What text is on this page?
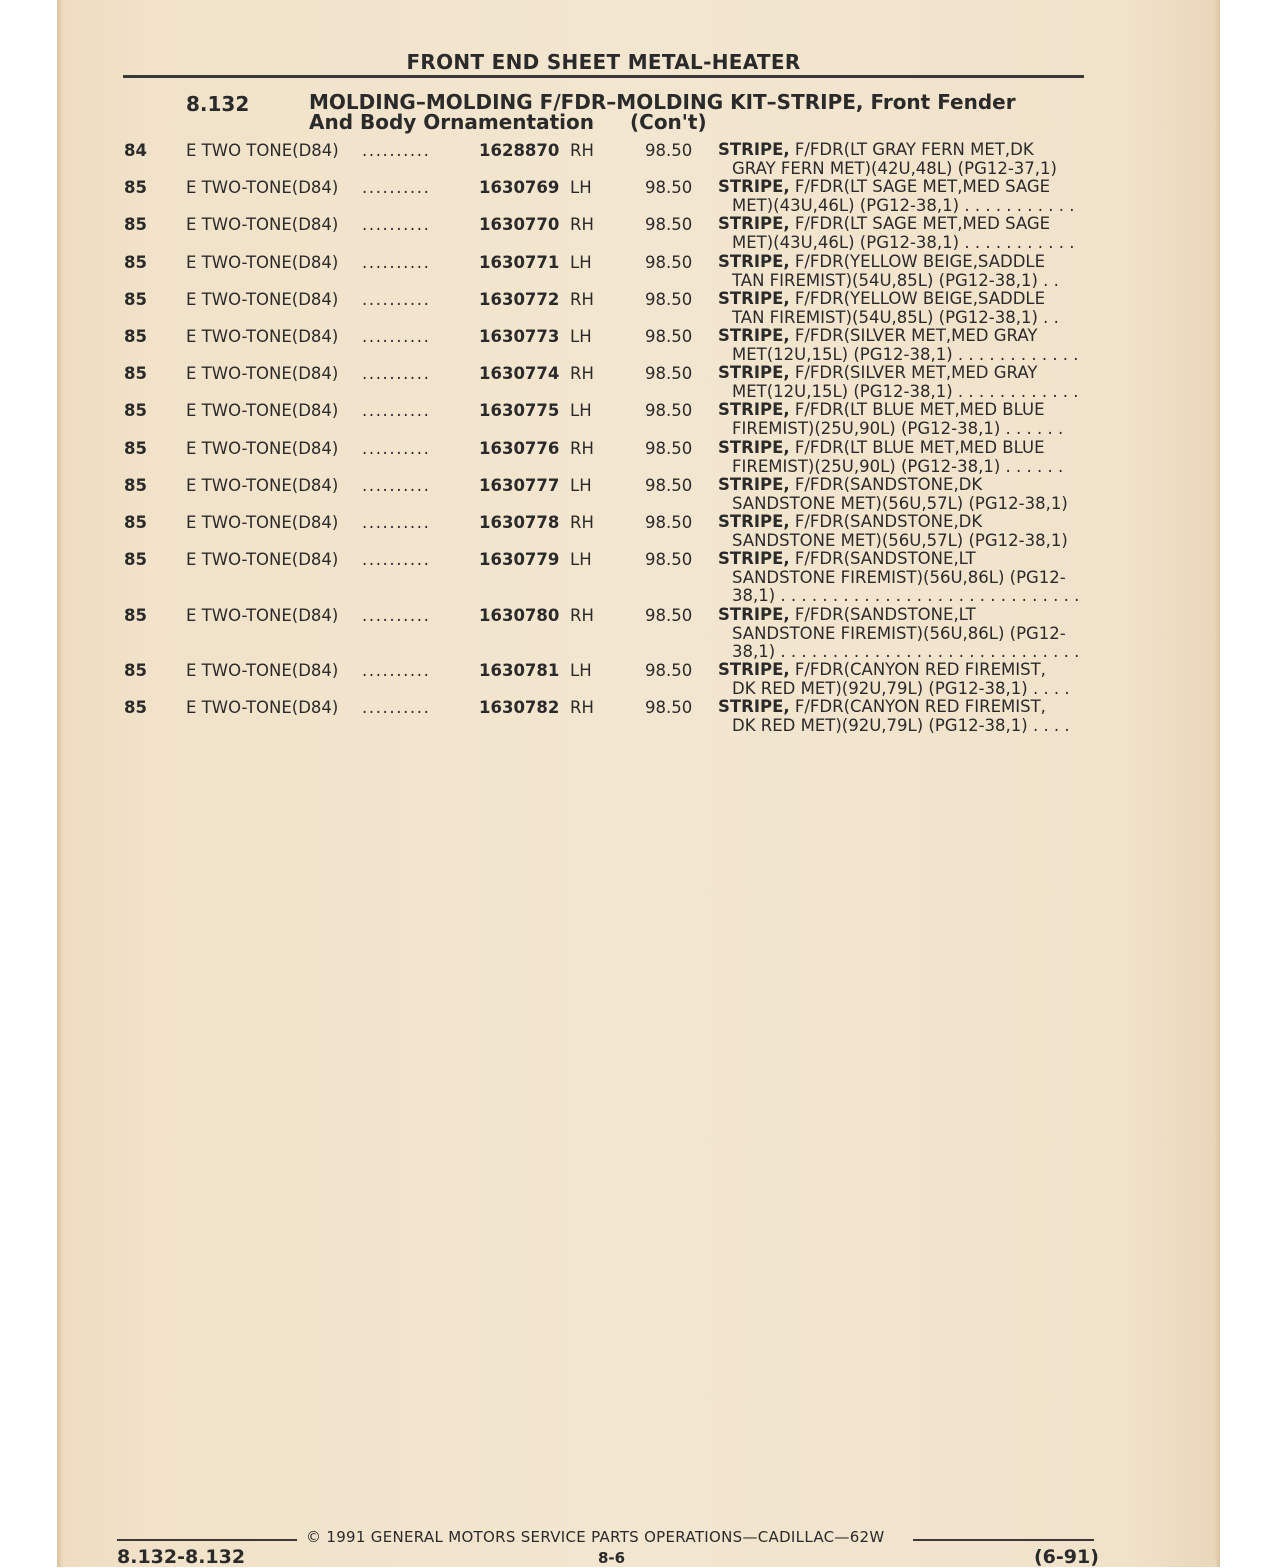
FRONT END SHEET METAL-HEATER
8.132	MOLDING–MOLDING F/FDR–MOLDING KIT–STRIPE, Front Fender
And Body Ornamentation (Con't)
84 E TWO TONE(D84) ..........	1628870 RH	98.50 STRIPE, F/FDR(LT GRAY FERN MET,DK
GRAY FERN MET)(42U,48L) (PG12-37,1)
85 E TWO-TONE(D84) ..........	1630769 LH	98.50 STRIPE, F/FDR(LT SAGE MET,MED SAGE
MET)(43U,46L) (PG12-38,1) . . . . . . . . . . .
85 E TWO-TONE(D84) ..........	1630770 RH	98.50 STRIPE, F/FDR(LT SAGE MET,MED SAGE
MET)(43U,46L) (PG12-38,1) . . . . . . . . . . .
85 E TWO-TONE(D84) ..........	1630771 LH	98.50 STRIPE, F/FDR(YELLOW BEIGE,SADDLE
TAN FIREMIST)(54U,85L) (PG12-38,1) . .
85 E TWO-TONE(D84) ..........	1630772 RH	98.50 STRIPE, F/FDR(YELLOW BEIGE,SADDLE
TAN FIREMIST)(54U,85L) (PG12-38,1) . .
85 E TWO-TONE(D84) ..........	1630773 LH	98.50 STRIPE, F/FDR(SILVER MET,MED GRAY
MET(12U,15L) (PG12-38,1) . . . . . . . . . . . .
85 E TWO-TONE(D84) ..........	1630774 RH	98.50 STRIPE, F/FDR(SILVER MET,MED GRAY
MET(12U,15L) (PG12-38,1) . . . . . . . . . . . .
85 E TWO-TONE(D84) ..........	1630775 LH	98.50 STRIPE, F/FDR(LT BLUE MET,MED BLUE
FIREMIST)(25U,90L) (PG12-38,1) . . . . . .
85 E TWO-TONE(D84) ..........	1630776 RH	98.50 STRIPE, F/FDR(LT BLUE MET,MED BLUE
FIREMIST)(25U,90L) (PG12-38,1) . . . . . .
85 E TWO-TONE(D84) ..........	1630777 LH	98.50 STRIPE, F/FDR(SANDSTONE,DK
SANDSTONE MET)(56U,57L) (PG12-38,1)
85 E TWO-TONE(D84) ..........	1630778 RH	98.50 STRIPE, F/FDR(SANDSTONE,DK
SANDSTONE MET)(56U,57L) (PG12-38,1)
85 E TWO-TONE(D84) ..........	1630779 LH	98.50 STRIPE, F/FDR(SANDSTONE,LT
SANDSTONE FIREMIST)(56U,86L) (PG12-
38,1) . . . . . . . . . . . . . . . . . . . . . . . . . . . . .
85 E TWO-TONE(D84) ..........	1630780 RH	98.50 STRIPE, F/FDR(SANDSTONE,LT
SANDSTONE FIREMIST)(56U,86L) (PG12-
38,1) . . . . . . . . . . . . . . . . . . . . . . . . . . . . .
85 E TWO-TONE(D84) ..........	1630781 LH	98.50 STRIPE, F/FDR(CANYON RED FIREMIST,
DK RED MET)(92U,79L) (PG12-38,1) . . . .
85 E TWO-TONE(D84) ..........	1630782 RH	98.50 STRIPE, F/FDR(CANYON RED FIREMIST,
DK RED MET)(92U,79L) (PG12-38,1) . . . .
© 1991 GENERAL MOTORS SERVICE PARTS OPERATIONS—CADILLAC—62W
8.132-8.132	8-6	(6-91)
